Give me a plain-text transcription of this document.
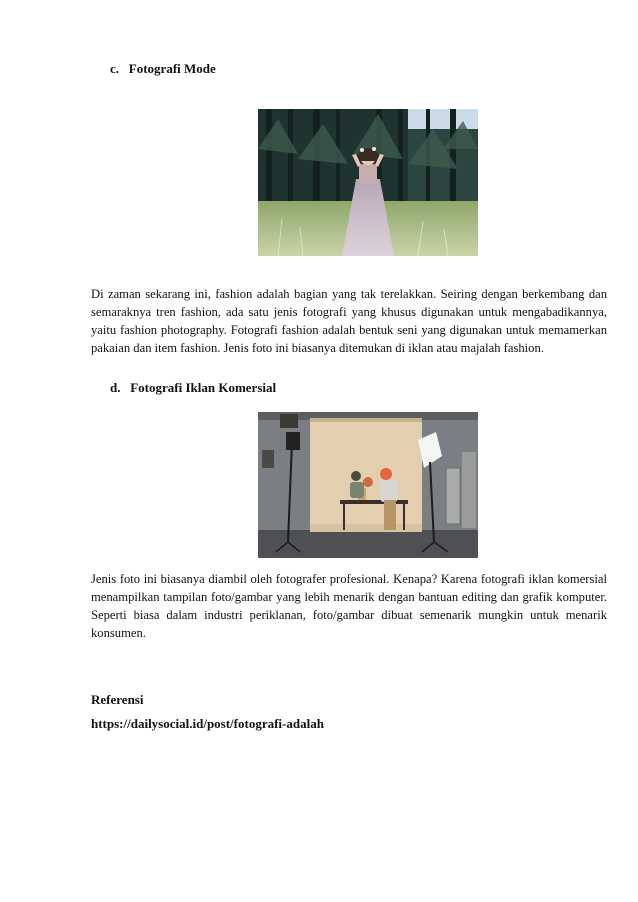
c. Fotografi Mode
Di zaman sekarang ini, fashion adalah bagian yang tak terelakkan. Seiring dengan berkembang dan semaraknya tren fashion, ada satu jenis fotografi yang khusus digunakan untuk mengabadikannya, yaitu fashion photography. Fotografi fashion adalah bentuk seni yang digunakan untuk memamerkan pakaian dan item fashion. Jenis foto ini biasanya ditemukan di iklan atau majalah fashion.
d. Fotografi Iklan Komersial
Jenis foto ini biasanya diambil oleh fotografer profesional. Kenapa? Karena fotografi iklan komersial menampilkan tampilan foto/gambar yang lebih menarik dengan bantuan editing dan grafik komputer. Seperti biasa dalam industri periklanan, foto/gambar dibuat semenarik mungkin untuk menarik konsumen.
Referensi
https://dailysocial.id/post/fotografi-adalah
